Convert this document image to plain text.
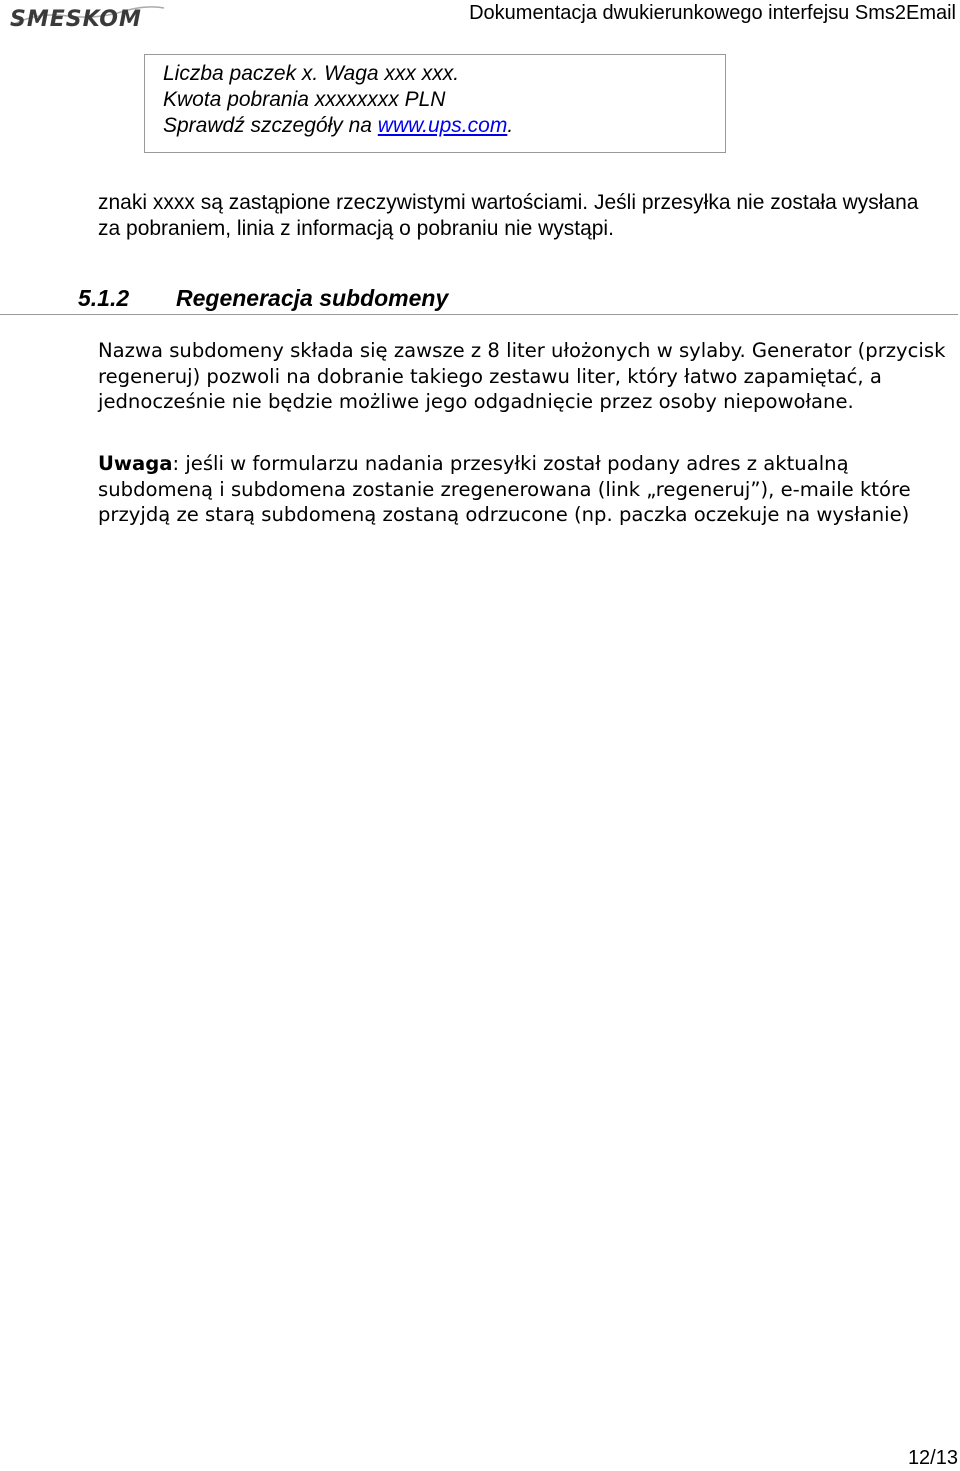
SMESKOM	Dokumentacja dwukierunkowego interfejsu Sms2Email
Liczba paczek x. Waga xxx xxx.
Kwota pobrania xxxxxxxx PLN
Sprawdź szczegóły na www.ups.com.
znaki xxxx są zastąpione rzeczywistymi wartościami. Jeśli przesyłka nie została wysłana za pobraniem, linia z informacją o pobraniu nie wystąpi.
5.1.2 Regeneracja subdomeny
Nazwa subdomeny składa się zawsze z 8 liter ułożonych w sylaby. Generator (przycisk regeneruj) pozwoli na dobranie takiego zestawu liter, który łatwo zapamiętać, a jednocześnie nie będzie możliwe jego odgadnięcie przez osoby niepowołane.
Uwaga: jeśli w formularzu nadania przesyłki został podany adres z aktualną subdomeną i subdomena zostanie zregenerowana (link „regeneruj”), e-maile które przyjdą ze starą subdomeną zostaną odrzucone (np. paczka oczekuje na wysłanie)
12/13
